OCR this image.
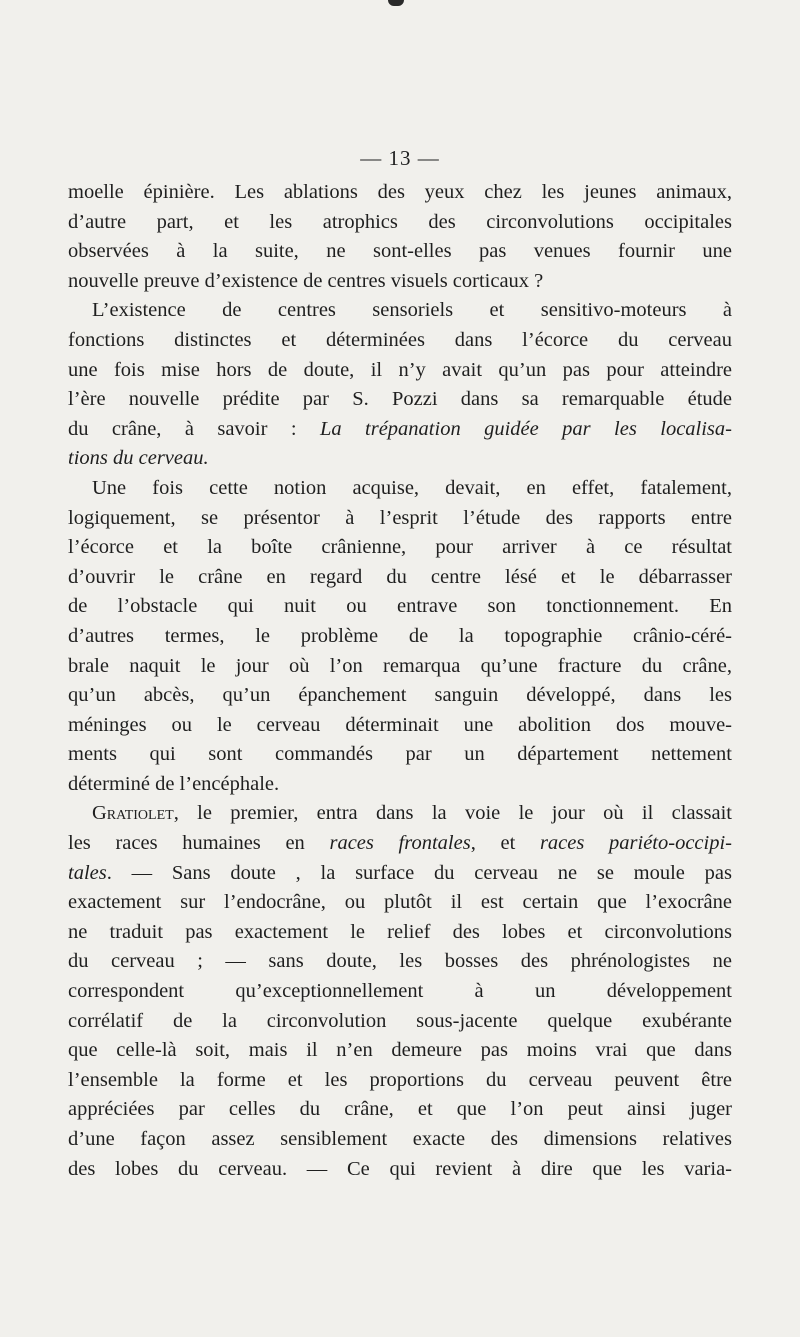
— 13 —
moelle épinière. Les ablations des yeux chez les jeunes animaux,
d’autre part, et les atrophics des circonvolutions occipitales
observées à la suite, ne sont-elles pas venues fournir une
nouvelle preuve d’existence de centres visuels corticaux ?
L’existence de centres sensoriels et sensitivo-moteurs à
fonctions distinctes et déterminées dans l’écorce du cerveau
une fois mise hors de doute, il n’y avait qu’un pas pour atteindre
l’ère nouvelle prédite par S. Pozzi dans sa remarquable étude
du crâne, à savoir : La trépanation guidée par les localisa-
tions du cerveau.
Une fois cette notion acquise, devait, en effet, fatalement,
logiquement, se présentor à l’esprit l’étude des rapports entre
l’écorce et la boîte crânienne, pour arriver à ce résultat
d’ouvrir le crâne en regard du centre lésé et le débarrasser
de l’obstacle qui nuit ou entrave son tonctionnement. En
d’autres termes, le problème de la topographie crânio-céré-
brale naquit le jour où l’on remarqua qu’une fracture du crâne,
qu’un abcès, qu’un épanchement sanguin développé, dans les
méninges ou le cerveau déterminait une abolition dos mouve-
ments qui sont commandés par un département nettement
déterminé de l’encéphale.
Gratiolet, le premier, entra dans la voie le jour où il classait
les races humaines en races frontales, et races pariéto-occipi-
tales. — Sans doute , la surface du cerveau ne se moule pas
exactement sur l’endocrâne, ou plutôt il est certain que l’exocrâne
ne traduit pas exactement le relief des lobes et circonvolutions
du cerveau ; — sans doute, les bosses des phrénologistes ne
correspondent qu’exceptionnellement à un développement
corrélatif de la circonvolution sous-jacente quelque exubérante
que celle-là soit, mais il n’en demeure pas moins vrai que dans
l’ensemble la forme et les proportions du cerveau peuvent être
appréciées par celles du crâne, et que l’on peut ainsi juger
d’une façon assez sensiblement exacte des dimensions relatives
des lobes du cerveau. — Ce qui revient à dire que les varia-
